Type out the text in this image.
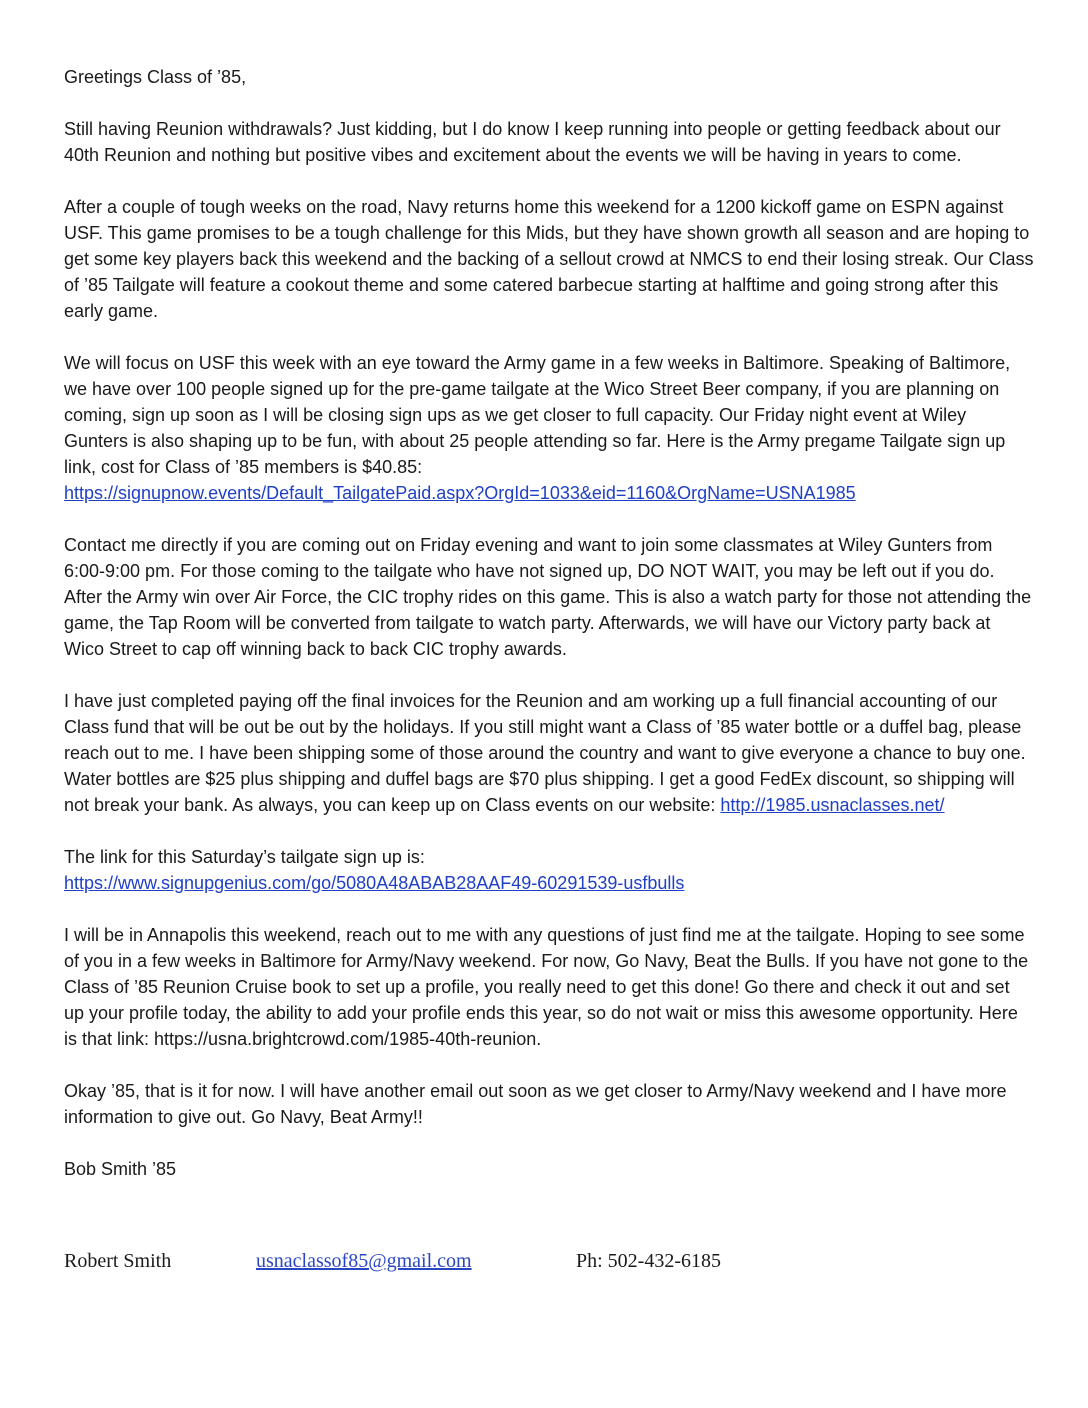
Greetings Class of ’85,

Still having Reunion withdrawals? Just kidding, but I do know I keep running into people or getting feedback about our 40th Reunion and nothing but positive vibes and excitement about the events we will be having in years to come.

After a couple of tough weeks on the road, Navy returns home this weekend for a 1200 kickoff game on ESPN against USF. This game promises to be a tough challenge for this Mids, but they have shown growth all season and are hoping to get some key players back this weekend and the backing of a sellout crowd at NMCS to end their losing streak. Our Class of ’85 Tailgate will feature a cookout theme and some catered barbecue starting at halftime and going strong after this early game.

We will focus on USF this week with an eye toward the Army game in a few weeks in Baltimore. Speaking of Baltimore, we have over 100 people signed up for the pre-game tailgate at the Wico Street Beer company, if you are planning on coming, sign up soon as I will be closing sign ups as we get closer to full capacity. Our Friday night event at Wiley Gunters is also shaping up to be fun, with about 25 people attending so far. Here is the Army pregame Tailgate sign up link, cost for Class of ’85 members is $40.85:
https://signupnow.events/Default_TailgatePaid.aspx?OrgId=1033&eid=1160&OrgName=USNA1985

Contact me directly if you are coming out on Friday evening and want to join some classmates at Wiley Gunters from 6:00-9:00 pm. For those coming to the tailgate who have not signed up, DO NOT WAIT, you may be left out if you do. After the Army win over Air Force, the CIC trophy rides on this game. This is also a watch party for those not attending the game, the Tap Room will be converted from tailgate to watch party. Afterwards, we will have our Victory party back at Wico Street to cap off winning back to back CIC trophy awards.

I have just completed paying off the final invoices for the Reunion and am working up a full financial accounting of our Class fund that will be out be out by the holidays. If you still might want a Class of ’85 water bottle or a duffel bag, please reach out to me. I have been shipping some of those around the country and want to give everyone a chance to buy one. Water bottles are $25 plus shipping and duffel bags are $70 plus shipping. I get a good FedEx discount, so shipping will not break your bank. As always, you can keep up on Class events on our website: http://1985.usnaclasses.net/

The link for this Saturday’s tailgate sign up is:
https://www.signupgenius.com/go/5080A48ABAB28AAF49-60291539-usfbulls

I will be in Annapolis this weekend, reach out to me with any questions of just find me at the tailgate. Hoping to see some of you in a few weeks in Baltimore for Army/Navy weekend. For now, Go Navy, Beat the Bulls. If you have not gone to the Class of ’85 Reunion Cruise book to set up a profile, you really need to get this done! Go there and check it out and set up your profile today, the ability to add your profile ends this year, so do not wait or miss this awesome opportunity. Here is that link: https://usna.brightcrowd.com/1985-40th-reunion.

Okay ’85, that is it for now. I will have another email out soon as we get closer to Army/Navy weekend and I have more information to give out. Go Navy, Beat Army!!

Bob Smith ’85

Robert Smith	usnaclassof85@gmail.com	Ph: 502-432-6185
